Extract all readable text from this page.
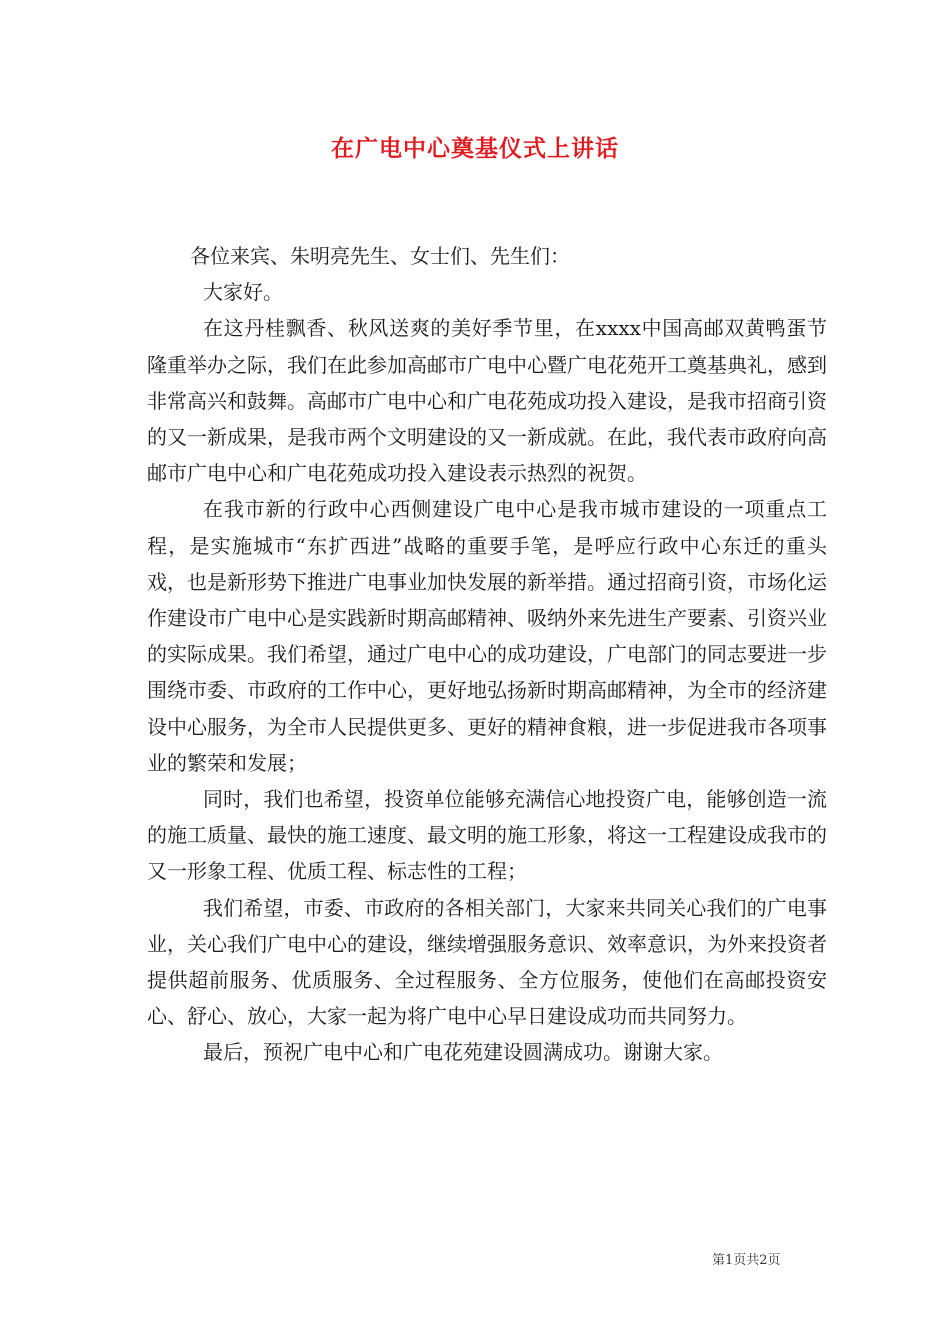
在广电中心奠基仪式上讲话

各位来宾、朱明亮先生、女士们、先生们：

大家好。

在这丹桂飘香、秋风送爽的美好季节里，在xxxx中国高邮双黄鸭蛋节隆重举办之际，我们在此参加高邮市广电中心暨广电花苑开工奠基典礼，感到非常高兴和鼓舞。高邮市广电中心和广电花苑成功投入建设，是我市招商引资的又一新成果，是我市两个文明建设的又一新成就。在此，我代表市政府向高邮市广电中心和广电花苑成功投入建设表示热烈的祝贺。

在我市新的行政中心西侧建设广电中心是我市城市建设的一项重点工程，是实施城市“东扩西进”战略的重要手笔，是呼应行政中心东迁的重头戏，也是新形势下推进广电事业加快发展的新举措。通过招商引资，市场化运作建设市广电中心是实践新时期高邮精神、吸纳外来先进生产要素、引资兴业的实际成果。我们希望，通过广电中心的成功建设，广电部门的同志要进一步围绕市委、市政府的工作中心，更好地弘扬新时期高邮精神，为全市的经济建设中心服务，为全市人民提供更多、更好的精神食粮，进一步促进我市各项事业的繁荣和发展；

同时，我们也希望，投资单位能够充满信心地投资广电，能够创造一流的施工质量、最快的施工速度、最文明的施工形象，将这一工程建设成我市的又一形象工程、优质工程、标志性的工程；

我们希望，市委、市政府的各相关部门，大家来共同关心我们的广电事业，关心我们广电中心的建设，继续增强服务意识、效率意识，为外来投资者提供超前服务、优质服务、全过程服务、全方位服务，使他们在高邮投资安心、舒心、放心，大家一起为将广电中心早日建设成功而共同努力。

最后，预祝广电中心和广电花苑建设圆满成功。谢谢大家。

第1页共2页
